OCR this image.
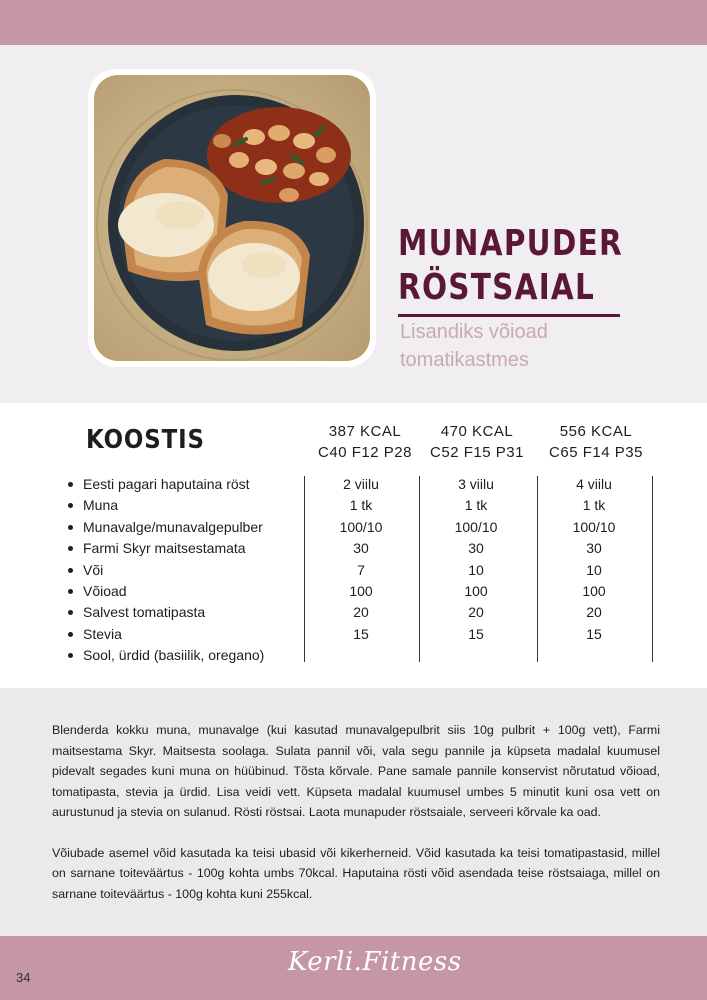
MUNAPUDER
RÖSTSAIAL
Lisandiks võioad
tomatikastmes
KOOSTIS	387 KCAL
C40 F12 P28
470 KCAL
C52 F15 P31
556 KCAL
C65 F14 P35
Eesti pagari haputaina röst
Muna
Munavalge/munavalgepulber
Farmi Skyr maitsestamata
Või
Võioad
Salvest tomatipasta
Stevia
Sool, ürdid (basiilik, oregano)
2 viilu
1 tk
100/10
30
7
100
20
15
3 viilu
1 tk
100/10
30
10
100
20
15
4 viilu
1 tk
100/10
30
10
100
20
15

Blenderda kokku muna, munavalge (kui kasutad munavalgepulbrit siis 10g pulbrit + 100g vett), Farmi maitsestama Skyr. Maitsesta soolaga. Sulata pannil või, vala segu pannile ja küpseta madalal kuumusel pidevalt segades kuni muna on hüübinud. Tõsta kõrvale. Pane samale pannile konservist nõrutatud võioad, tomatipasta, stevia ja ürdid. Lisa veidi vett. Küpseta madalal kuumusel umbes 5 minutit kuni osa vett on aurustunud ja stevia on sulanud. Rösti röstsai. Laota munapuder röstsaiale, serveeri kõrvale ka oad.

Võiubade asemel võid kasutada ka teisi ubasid või kikerherneid. Võid kasutada ka teisi tomatipastasid, millel on sarnane toiteväärtus - 100g kohta umbs 70kcal. Haputaina rösti võid asendada teise röstsaiaga, millel on sarnane toiteväärtus - 100g kohta kuni 255kcal.

34
Kerli.Fitness
